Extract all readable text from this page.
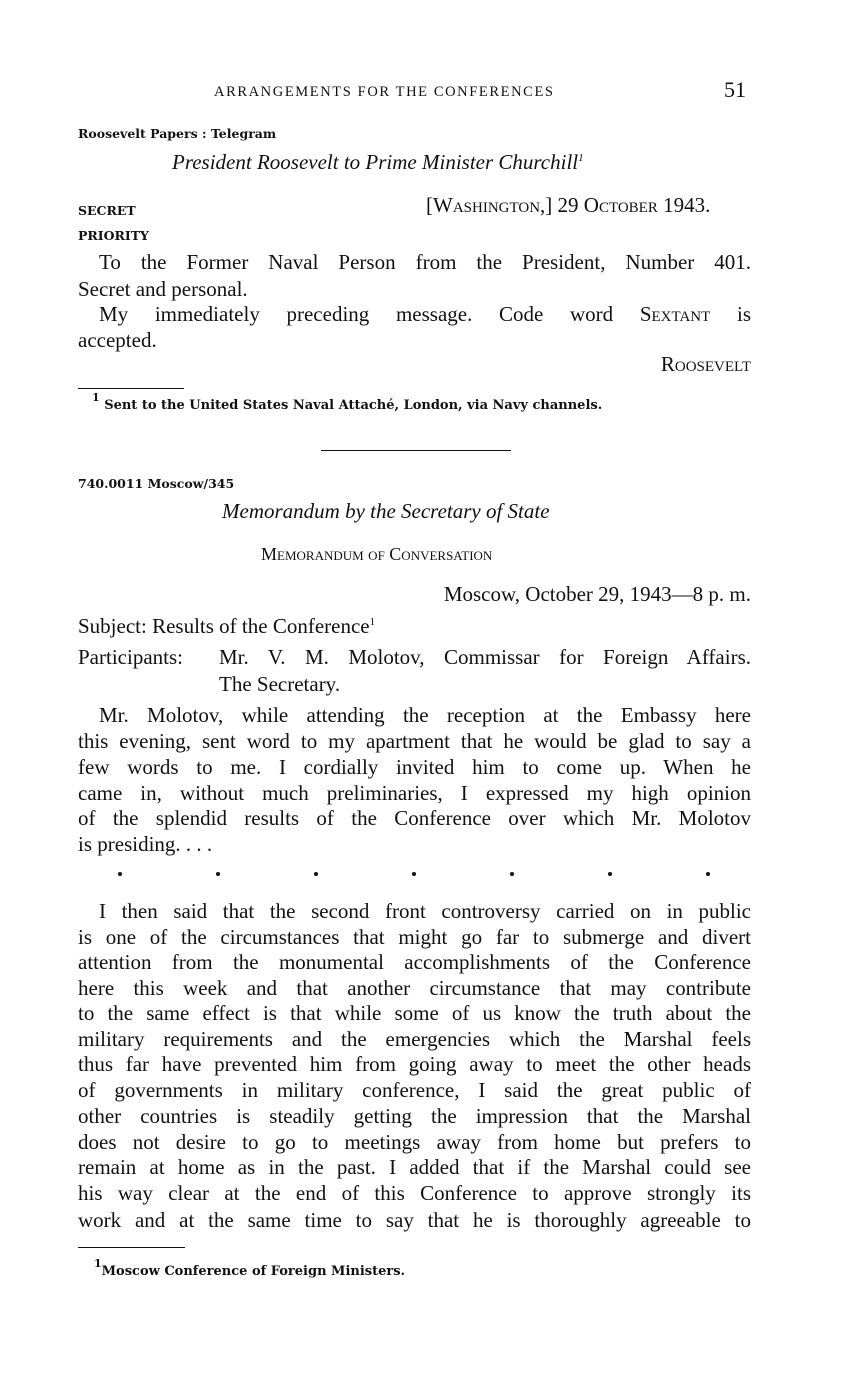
ARRANGEMENTS FOR THE CONFERENCES	51
Roosevelt Papers : Telegram
President Roosevelt to Prime Minister Churchill$^1$
SECRET	[Washington,] 29 October 1943.
PRIORITY
To the Former Naval Person from the President, Number 401.
Secret and personal.
My immediately preceding message. Code word Sextant is
accepted.
Roosevelt
$^1$ Sent to the United States Naval Attaché, London, via Navy channels.
740.0011 Moscow/345
Memorandum by the Secretary of State
Memorandum of Conversation
Moscow, October 29, 1943—8 p. m.
Subject: Results of the Conference$^1$
Participants: Mr. V. M. Molotov, Commissar for Foreign Affairs.
The Secretary.
Mr. Molotov, while attending the reception at the Embassy here
this evening, sent word to my apartment that he would be glad to say a
few words to me. I cordially invited him to come up. When he
came in, without much preliminaries, I expressed my high opinion
of the splendid results of the Conference over which Mr. Molotov
is presiding. . . .
I then said that the second front controversy carried on in public
is one of the circumstances that might go far to submerge and divert
attention from the monumental accomplishments of the Conference
here this week and that another circumstance that may contribute
to the same effect is that while some of us know the truth about the
military requirements and the emergencies which the Marshal feels
thus far have prevented him from going away to meet the other heads
of governments in military conference, I said the great public of
other countries is steadily getting the impression that the Marshal
does not desire to go to meetings away from home but prefers to
remain at home as in the past. I added that if the Marshal could see
his way clear at the end of this Conference to approve strongly its
work and at the same time to say that he is thoroughly agreeable to
$^1$Moscow Conference of Foreign Ministers.
